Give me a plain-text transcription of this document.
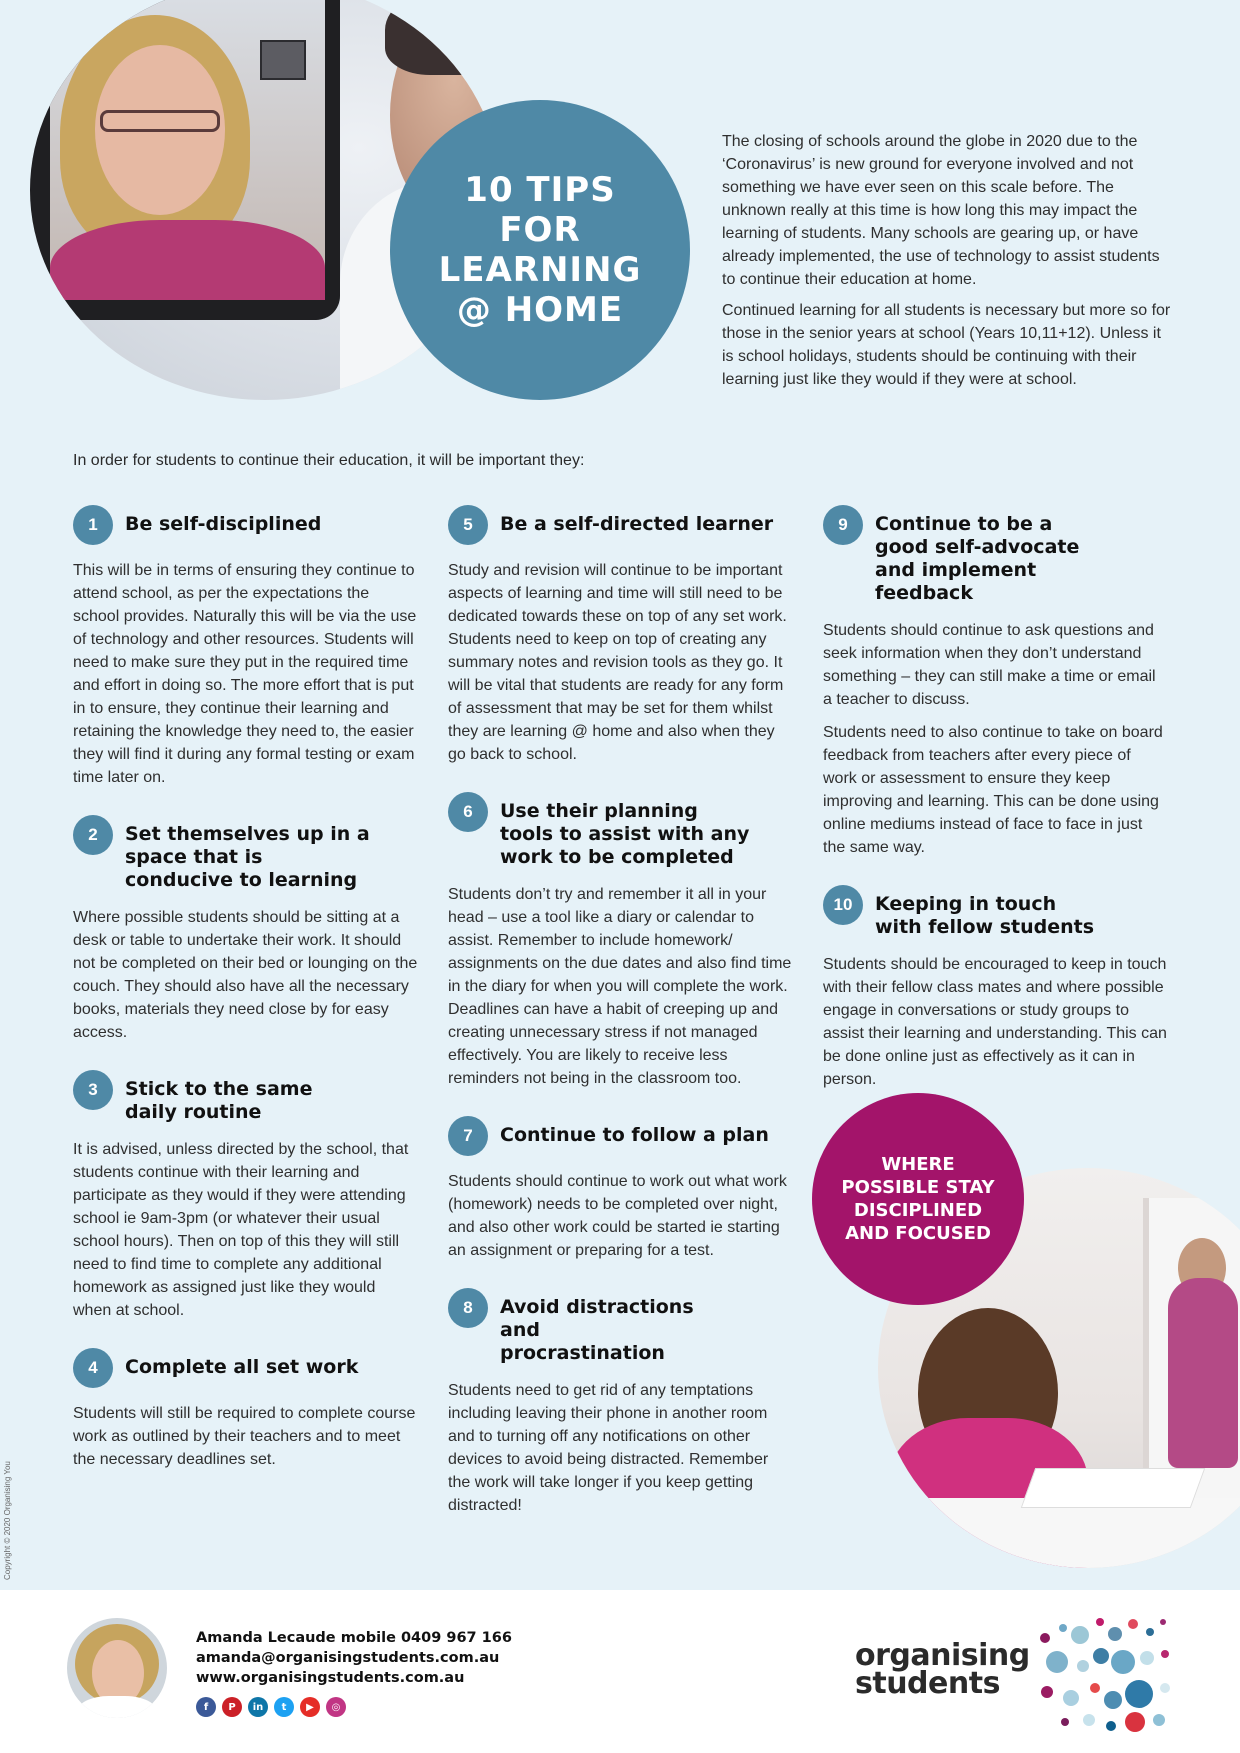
10 TIPS
FOR
LEARNING
@ HOME

The closing of schools around the globe in 2020 due to the ‘Coronavirus’ is new ground for everyone involved and not something we have ever seen on this scale before. The unknown really at this time is how long this may impact the learning of students. Many schools are gearing up, or have already implemented, the use of technology to assist students to continue their education at home.

Continued learning for all students is necessary but more so for those in the senior years at school (Years 10,11+12). Unless it is school holidays, students should be continuing with their learning just like they would if they were at school.

In order for students to continue their education, it will be important they:

1	Be self-disciplined

This will be in terms of ensuring they continue to attend school, as per the expectations the school provides. Naturally this will be via the use of technology and other resources. Students will need to make sure they put in the required time and effort in doing so. The more effort that is put in to ensure, they continue their learning and retaining the knowledge they need to, the easier they will find it during any formal testing or exam time later on.

2	Set themselves up in a space that is conducive to learning

Where possible students should be sitting at a desk or table to undertake their work. It should not be completed on their bed or lounging on the couch. They should also have all the necessary books, materials they need close by for easy access.

3	Stick to the same daily routine

It is advised, unless directed by the school, that students continue with their learning and participate as they would if they were attending school ie 9am-3pm (or whatever their usual school hours). Then on top of this they will still need to find time to complete any additional homework as assigned just like they would when at school.

4	Complete all set work

Students will still be required to complete course work as outlined by their teachers and to meet the necessary deadlines set.

5	Be a self-directed learner

Study and revision will continue to be important aspects of learning and time will still need to be dedicated towards these on top of any set work. Students need to keep on top of creating any summary notes and revision tools as they go. It will be vital that students are ready for any form of assessment that may be set for them whilst they are learning @ home and also when they go back to school.

6	Use their planning tools to assist with any work to be completed

Students don’t try and remember it all in your head – use a tool like a diary or calendar to assist. Remember to include homework/ assignments on the due dates and also find time in the diary for when you will complete the work. Deadlines can have a habit of creeping up and creating unnecessary stress if not managed effectively. You are likely to receive less reminders not being in the classroom too.

7	Continue to follow a plan

Students should continue to work out what work (homework) needs to be completed over night, and also other work could be started ie starting an assignment or preparing for a test.

8	Avoid distractions and procrastination

Students need to get rid of any temptations including leaving their phone in another room and to turning off any notifications on other devices to avoid being distracted. Remember the work will take longer if you keep getting distracted!

9	Continue to be a good self-advocate and implement feedback

Students should continue to ask questions and seek information when they don’t understand something – they can still make a time or email a teacher to discuss.

Students need to also continue to take on board feedback from teachers after every piece of work or assessment to ensure they keep improving and learning. This can be done using online mediums instead of face to face in just the same way.

10	Keeping in touch with fellow students

Students should be encouraged to keep in touch with their fellow class mates and where possible engage in conversations or study groups to assist their learning and understanding. This can be done online just as effectively as it can in person.

WHERE POSSIBLE STAY DISCIPLINED AND FOCUSED
Copyright © 2020 Organising You
Amanda Lecaude mobile 0409 967 166
amanda@organisingstudents.com.au
www.organisingstudents.com.au
f	P	in	t	▶	◎
organising
students
